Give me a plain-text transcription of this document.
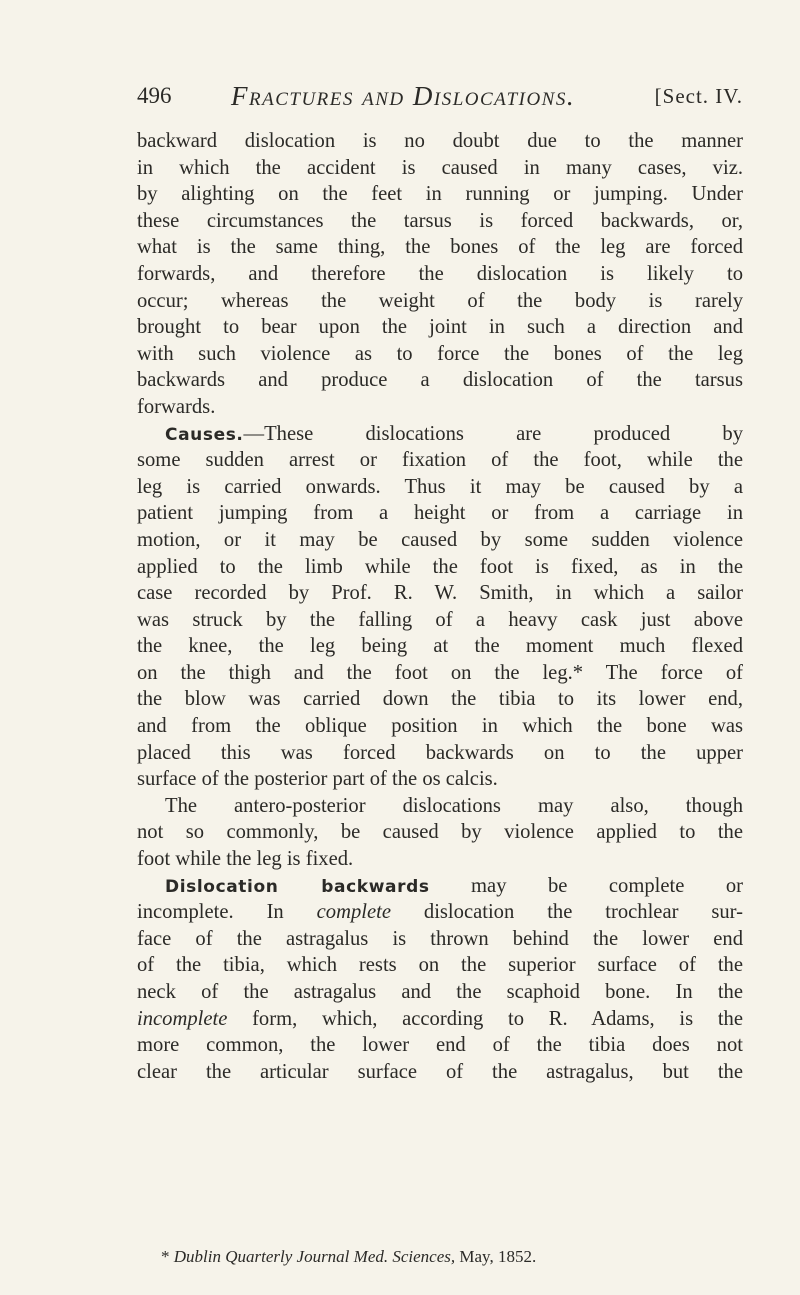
496 Fractures and Dislocations.	[Sect. IV.
backward dislocation is no doubt due to the manner
in which the accident is caused in many cases, viz.
by alighting on the feet in running or jumping. Under
these circumstances the tarsus is forced backwards, or,
what is the same thing, the bones of the leg are forced
forwards, and therefore the dislocation is likely to
occur; whereas the weight of the body is rarely
brought to bear upon the joint in such a direction and
with such violence as to force the bones of the leg
backwards and produce a dislocation of the tarsus
forwards.
Causes.—These dislocations are produced by
some sudden arrest or fixation of the foot, while the
leg is carried onwards. Thus it may be caused by a
patient jumping from a height or from a carriage in
motion, or it may be caused by some sudden violence
applied to the limb while the foot is fixed, as in the
case recorded by Prof. R. W. Smith, in which a sailor
was struck by the falling of a heavy cask just above
the knee, the leg being at the moment much flexed
on the thigh and the foot on the leg.* The force of
the blow was carried down the tibia to its lower end,
and from the oblique position in which the bone was
placed this was forced backwards on to the upper
surface of the posterior part of the os calcis.
The antero-posterior dislocations may also, though
not so commonly, be caused by violence applied to the
foot while the leg is fixed.
Dislocation backwards may be complete or
incomplete. In complete dislocation the trochlear sur-
face of the astragalus is thrown behind the lower end
of the tibia, which rests on the superior surface of the
neck of the astragalus and the scaphoid bone. In the
incomplete form, which, according to R. Adams, is the
more common, the lower end of the tibia does not
clear the articular surface of the astragalus, but the
* Dublin Quarterly Journal Med. Sciences, May, 1852.
